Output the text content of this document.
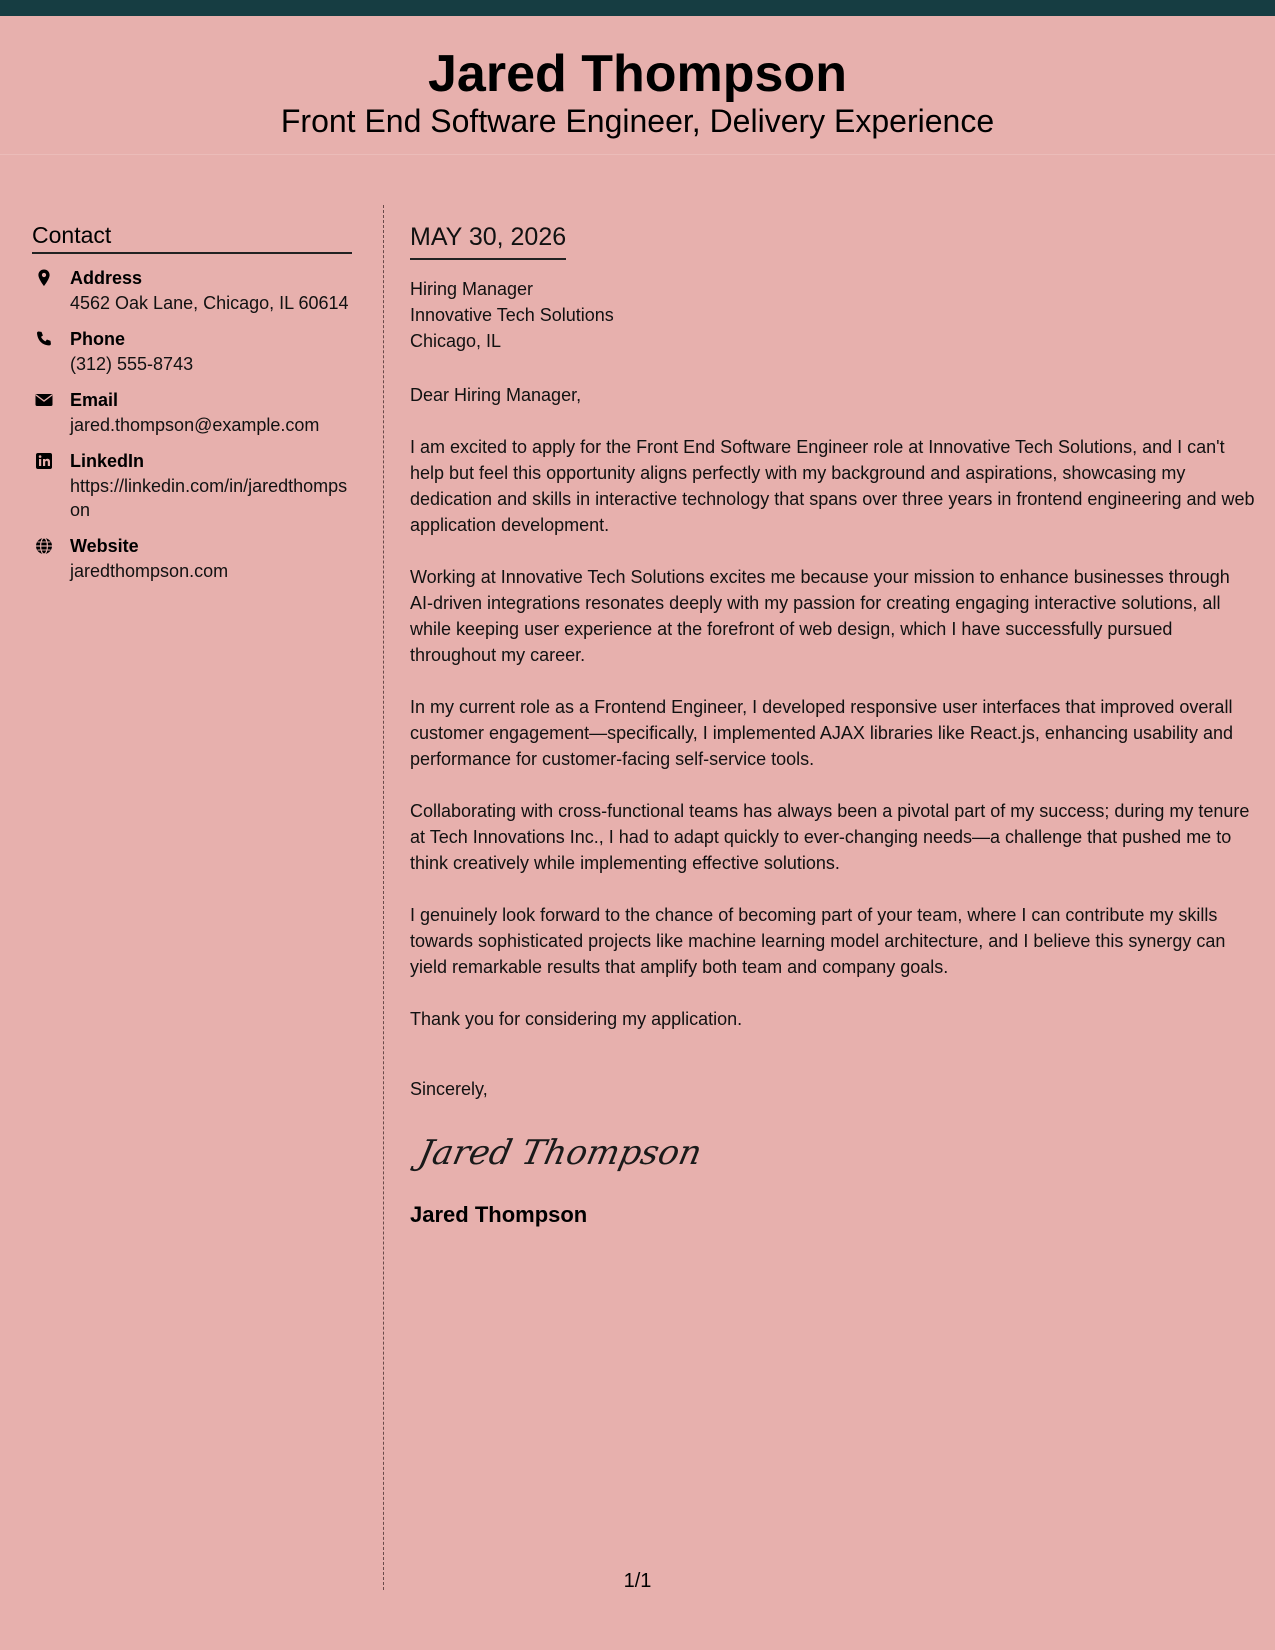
Jared Thompson
Front End Software Engineer, Delivery Experience
Contact
Address
4562 Oak Lane, Chicago, IL 60614
Phone
(312) 555-8743
Email
jared.thompson@example.com
LinkedIn
https://linkedin.com/in/jaredthompson
Website
jaredthompson.com
MAY 30, 2026
Hiring Manager
Innovative Tech Solutions
Chicago, IL
Dear Hiring Manager,
I am excited to apply for the Front End Software Engineer role at Innovative Tech Solutions, and I can't help but feel this opportunity aligns perfectly with my background and aspirations, showcasing my dedication and skills in interactive technology that spans over three years in frontend engineering and web application development.
Working at Innovative Tech Solutions excites me because your mission to enhance businesses through AI-driven integrations resonates deeply with my passion for creating engaging interactive solutions, all while keeping user experience at the forefront of web design, which I have successfully pursued throughout my career.
In my current role as a Frontend Engineer, I developed responsive user interfaces that improved overall customer engagement—specifically, I implemented AJAX libraries like React.js, enhancing usability and performance for customer-facing self-service tools.
Collaborating with cross-functional teams has always been a pivotal part of my success; during my tenure at Tech Innovations Inc., I had to adapt quickly to ever-changing needs—a challenge that pushed me to think creatively while implementing effective solutions.
I genuinely look forward to the chance of becoming part of your team, where I can contribute my skills towards sophisticated projects like machine learning model architecture, and I believe this synergy can yield remarkable results that amplify both team and company goals.
Thank you for considering my application.
Sincerely,
Jared Thompson
Jared Thompson
1/1
